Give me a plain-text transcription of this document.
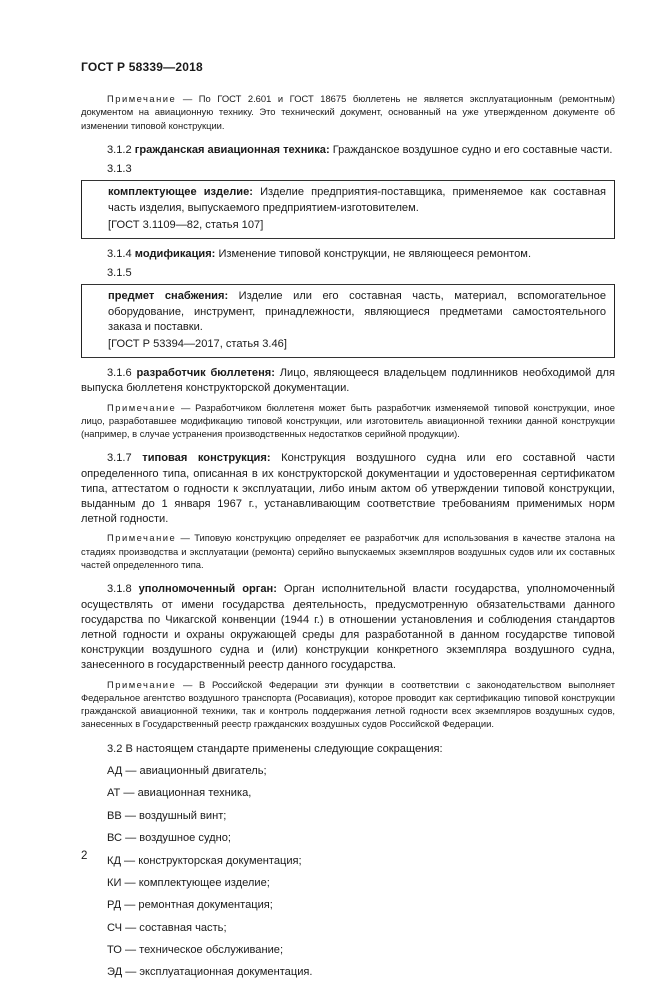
ГОСТ Р 58339—2018

Примечание — По ГОСТ 2.601 и ГОСТ 18675 бюллетень не является эксплуатационным (ремонтным) документом на авиационную технику. Это технический документ, основанный на уже утвержденном документе об изменении типовой конструкции.

3.1.2 гражданская авиационная техника: Гражданское воздушное судно и его составные части.

3.1.3

комплектующее изделие: Изделие предприятия-поставщика, применяемое как составная часть изделия, выпускаемого предприятием-изготовителем.

[ГОСТ 3.1109—82, статья 107]

3.1.4 модификация: Изменение типовой конструкции, не являющееся ремонтом.

3.1.5

предмет снабжения: Изделие или его составная часть, материал, вспомогательное оборудование, инструмент, принадлежности, являющиеся предметами самостоятельного заказа и поставки.

[ГОСТ Р 53394—2017, статья 3.46]

3.1.6 разработчик бюллетеня: Лицо, являющееся владельцем подлинников необходимой для выпуска бюллетеня конструкторской документации.

Примечание — Разработчиком бюллетеня может быть разработчик изменяемой типовой конструкции, иное лицо, разработавшее модификацию типовой конструкции, или изготовитель авиационной техники данной конструкции (например, в случае устранения производственных недостатков серийной продукции).

3.1.7 типовая конструкция: Конструкция воздушного судна или его составной части определенного типа, описанная в их конструкторской документации и удостоверенная сертификатом типа, аттестатом о годности к эксплуатации, либо иным актом об утверждении типовой конструкции, выданным до 1 января 1967 г., устанавливающим соответствие требованиям применимых норм летной годности.

Примечание — Типовую конструкцию определяет ее разработчик для использования в качестве эталона на стадиях производства и эксплуатации (ремонта) серийно выпускаемых экземпляров воздушных судов или их составных частей определенного типа.

3.1.8 уполномоченный орган: Орган исполнительной власти государства, уполномоченный осуществлять от имени государства деятельность, предусмотренную обязательствами данного государства по Чикагской конвенции (1944 г.) в отношении установления и соблюдения стандартов летной годности и охраны окружающей среды для разработанной в данном государстве типовой конструкции воздушного судна и (или) конструкции конкретного экземпляра воздушного судна, занесенного в государственный реестр данного государства.

Примечание — В Российской Федерации эти функции в соответствии с законодательством выполняет Федеральное агентство воздушного транспорта (Росавиация), которое проводит как сертификацию типовой конструкции гражданской авиационной техники, так и контроль поддержания летной годности всех экземпляров воздушных судов, занесенных в Государственный реестр гражданских воздушных судов Российской Федерации.

3.2 В настоящем стандарте применены следующие сокращения:

АД — авиационный двигатель;

АТ — авиационная техника,

ВВ — воздушный винт;

ВС — воздушное судно;

КД — конструкторская документация;

КИ — комплектующее изделие;

РД — ремонтная документация;

СЧ — составная часть;

ТО — техническое обслуживание;

ЭД — эксплуатационная документация.

2
